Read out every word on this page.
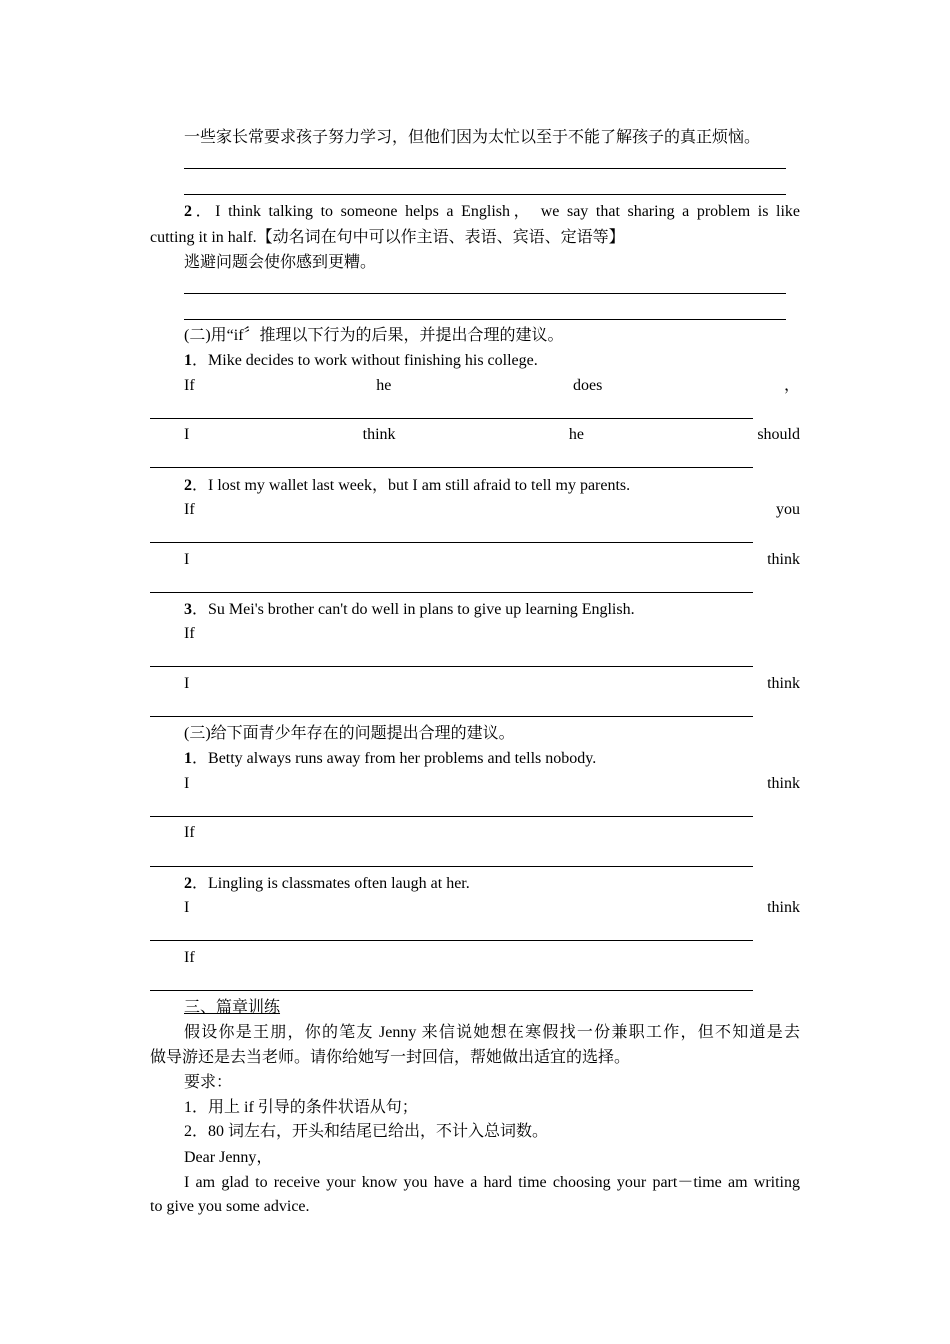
一些家长常要求孩子努力学习，但他们因为太忙以至于不能了解孩子的真正烦恼。
2．I think talking to someone helps a English， we say that sharing a problem is like
cutting it in half.【动名词在句中可以作主语、表语、宾语、定语等】
逃避问题会使你感到更糟。
(二)用“if〞推理以下行为的后果，并提出合理的建议。
1．Mike decides to work without finishing his college.
If	he	does	，
I	think	he	should
2．I lost my wallet last week，but I am still afraid to tell my parents.
If	you
I	think
3．Su Mei's brother can't do well in plans to give up learning English.
If
I	think
(三)给下面青少年存在的问题提出合理的建议。
1．Betty always runs away from her problems and tells nobody.
I	think
If
2．Lingling is classmates often laugh at her.
I	think
If
三、篇章训练
假设你是王朋，你的笔友 Jenny 来信说她想在寒假找一份兼职工作，但不知道是去
做导游还是去当老师。请你给她写一封回信，帮她做出适宜的选择。
要求：
1．用上 if 引导的条件状语从句；
2．80 词左右，开头和结尾已给出，不计入总词数。
Dear Jenny，
I am glad to receive your know you have a hard time choosing your part－time am writing
to give you some advice.
